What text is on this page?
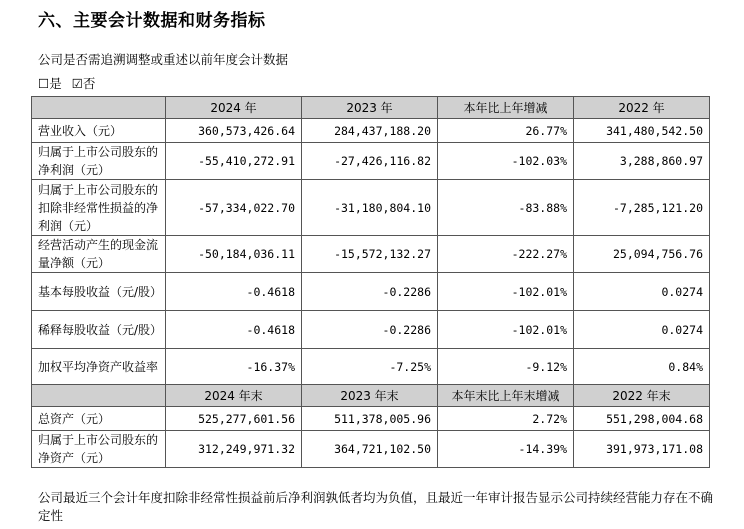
六、主要会计数据和财务指标
公司是否需追溯调整或重述以前年度会计数据
☐是 ☑否
	2024 年	2023 年	本年比上年增减	2022 年
营业收入（元）	360,573,426.64	284,437,188.20	26.77%	341,480,542.50
归属于上市公司股东的净利润（元）	-55,410,272.91	-27,426,116.82	-102.03%	3,288,860.97
归属于上市公司股东的扣除非经常性损益的净利润（元）	-57,334,022.70	-31,180,804.10	-83.88%	-7,285,121.20
经营活动产生的现金流量净额（元）	-50,184,036.11	-15,572,132.27	-222.27%	25,094,756.76
基本每股收益（元/股）	-0.4618	-0.2286	-102.01%	0.0274
稀释每股收益（元/股）	-0.4618	-0.2286	-102.01%	0.0274
加权平均净资产收益率	-16.37%	-7.25%	-9.12%	0.84%
	2024 年末	2023 年末	本年末比上年末增减	2022 年末
总资产（元）	525,277,601.56	511,378,005.96	2.72%	551,298,004.68
归属于上市公司股东的净资产（元）	312,249,971.32	364,721,102.50	-14.39%	391,973,171.08
公司最近三个会计年度扣除非经常性损益前后净利润孰低者均为负值，且最近一年审计报告显示公司持续经营能力存在不确定性
